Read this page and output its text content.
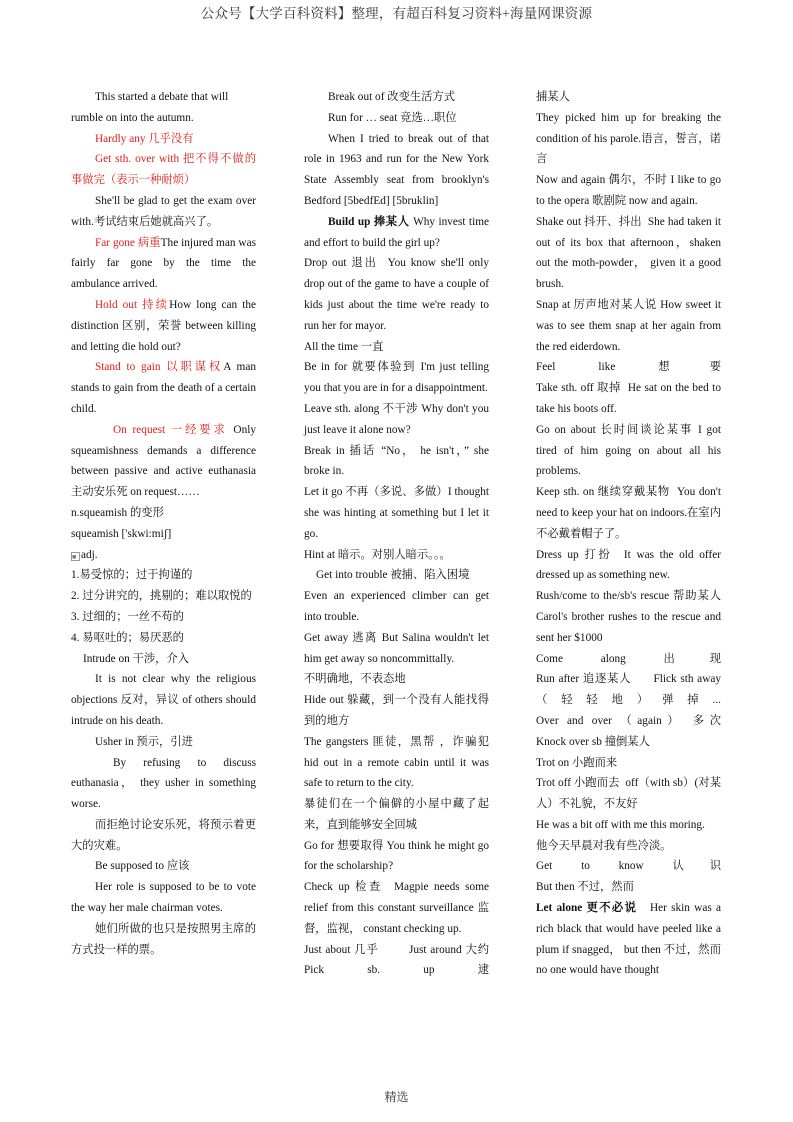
公众号【大学百科资料】整理，有超百科复习资料+海量网课资源

This started a debate that will

rumble on into the autumn.

Hardly any 几乎没有

Get sth. over with 把不得不做的事做完（表示一种耐烦）

She'll be glad to get the exam over with.考试结束后她就高兴了。

Far gone 病重The injured man was fairly far gone by the time the ambulance arrived.

Hold out 持续How long can the distinction 区别，荣誉 between killing and letting die hold out?

Stand to gain 以职谋权A man stands to gain from the death of a certain child.

On request 一经要求 Only squeamishness demands a difference between passive and active euthanasia 主动安乐死 on request……

n.squeamish 的变形

squeamish ['skwi:miʃ]

■ adj.

1.易受惊的；过于拘谨的

2. 过分讲究的，挑剔的；难以取悦的

3. 过细的；一丝不苟的

4. 易呕吐的；易厌恶的

Intrude on 干涉，介入

It is not clear why the religious objections 反对，异议 of others should intrude on his death.

Usher in 预示，引进

By refusing to discuss euthanasia， they usher in something worse.

而拒绝讨论安乐死，将预示着更大的灾难。

Be supposed to 应该

Her role is supposed to be to vote the way her male chairman votes.

她们所做的也只是按照男主席的方式投一样的票。

Break out of 改变生活方式

Run for … seat 竞选…职位

When I tried to break out of that role in 1963 and run for the New York State Assembly seat from brooklyn's Bedford [5bedfEd] [5bruklin]

Build up 捧某人 Why invest time and effort to build the girl up?

Drop out 退出 You know she'll only drop out of the game to have a couple of kids just about the time we're ready to run her for mayor.

All the time 一直

Be in for 就要体验到 I'm just telling you that you are in for a disappointment.

Leave sth. along 不干涉 Why don't you just leave it alone now?

Break in 插话 “No， he isn't，” she broke in.

Let it go 不再（多说、多做）I thought she was hinting at something but I let it go.

Hint at 暗示。对别人暗示。。。

Get into trouble 被捕、陷入困境

Even an experienced climber can get into trouble.

Get away 逃离 But Salina wouldn't let him get away so noncommittally.

不明确地，不表态地

Hide out 躲藏，到一个没有人能找得到的地方

The gangsters 匪徒，黑帮 ，诈骗犯 hid out in a remote cabin until it was safe to return to the city.

暴徒们在一个偏僻的小屋中藏了起来，直到能够安全回城

Go for 想要取得 You think he might go for the scholarship?

Check up 检查 Magpie needs some relief from this constant surveillance 监督，监视， constant checking up.

Just about 几乎	Just around 大约 Pick sb. up 逮

捕某人

They picked him up for breaking the condition of his parole.语言，誓言，诺言

Now and again 偶尔，不时 I like to go to the opera 歌剧院 now and again.

Shake out 抖开、抖出 She had taken it out of its box that afternoon，shaken out the moth-powder， given it a good brush.

Snap at 厉声地对某人说 How sweet it was to see them snap at her again from the red eiderdown.

Feel like 想要

Take sth. off 取掉 He sat on the bed to take his boots off.

Go on about 长时间谈论某事 I got tired of him going on about all his problems.

Keep sth. on 继续穿戴某物 You don't need to keep your hat on indoors.在室内不必戴着帽子了。

Dress up 打扮 It was the old offer dressed up as something new.

Rush/come to the/sb's rescue 帮助某人 Carol's brother rushes to the rescue and sent her $1000

Come along 出现

Run after 追逐某人 Flick sth away （轻轻地）弹掉...

Over and over （again） 多次

Knock over sb 撞倒某人

Trot on 小跑而来

Trot off 小跑而去 off（with sb）(对某人）不礼貌，不友好

He was a bit off with me this moring.

他今天早晨对我有些冷淡。

Get to know 认识

But then 不过，然而

Let alone 更不必说 Her skin was a rich black that would have peeled like a plum if snagged， but then 不过，然而 no one would have thought

精选
